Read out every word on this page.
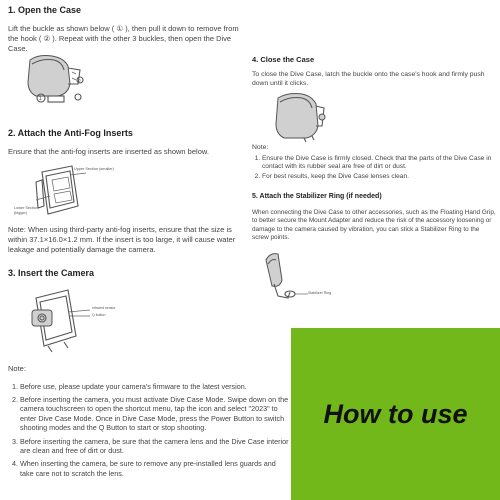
1. Open the Case

Lift the buckle as shown below ( ① ), then pull it down to remove from the hook ( ② ). Repeat with the other 3 buckles, then open the Dive Case.

1
2

2. Attach the Anti-Fog Inserts

Ensure that the anti-fog inserts are inserted as shown below.

Upper Section (smaller)
Lower Section (bigger)

Note: When using third-party anti-fog inserts, ensure that the size is within 37.1×16.0×1.2 mm. If the insert is too large, it will cause water leakage and potentially damage the camera.

3. Insert the Camera

Infrared sensor
Q button

Note:

1. Before use, please update your camera's firmware to the latest version.
2. Before inserting the camera, you must activate Dive Case Mode. Swipe down on the camera touchscreen to open the shortcut menu, tap the icon and select "2023" to enter Dive Case Mode. Once in Dive Case Mode, press the Power Button to switch shooting modes and the Q Button to start or stop shooting.
3. Before inserting the camera, be sure that the camera lens and the Dive Case interior are clean and free of dirt or dust.
4. When inserting the camera, be sure to remove any pre-installed lens guards and take care not to scratch the lens.

4. Close the Case

To close the Dive Case, latch the buckle onto the case's hook and firmly push down until it clicks.

Note:

1. Ensure the Dive Case is firmly closed. Check that the parts of the Dive Case in contact with its rubber seal are free of dirt or dust.
2. For best results, keep the Dive Case lenses clean.

5. Attach the Stabilizer Ring (if needed)

When connecting the Dive Case to other accessories, such as the Floating Hand Grip, to better secure the Mount Adapter and reduce the risk of the accessory loosening or damage to the camera caused by vibration, you can stick a Stabilizer Ring to the screw points.

Stabilizer Ring
How to use
